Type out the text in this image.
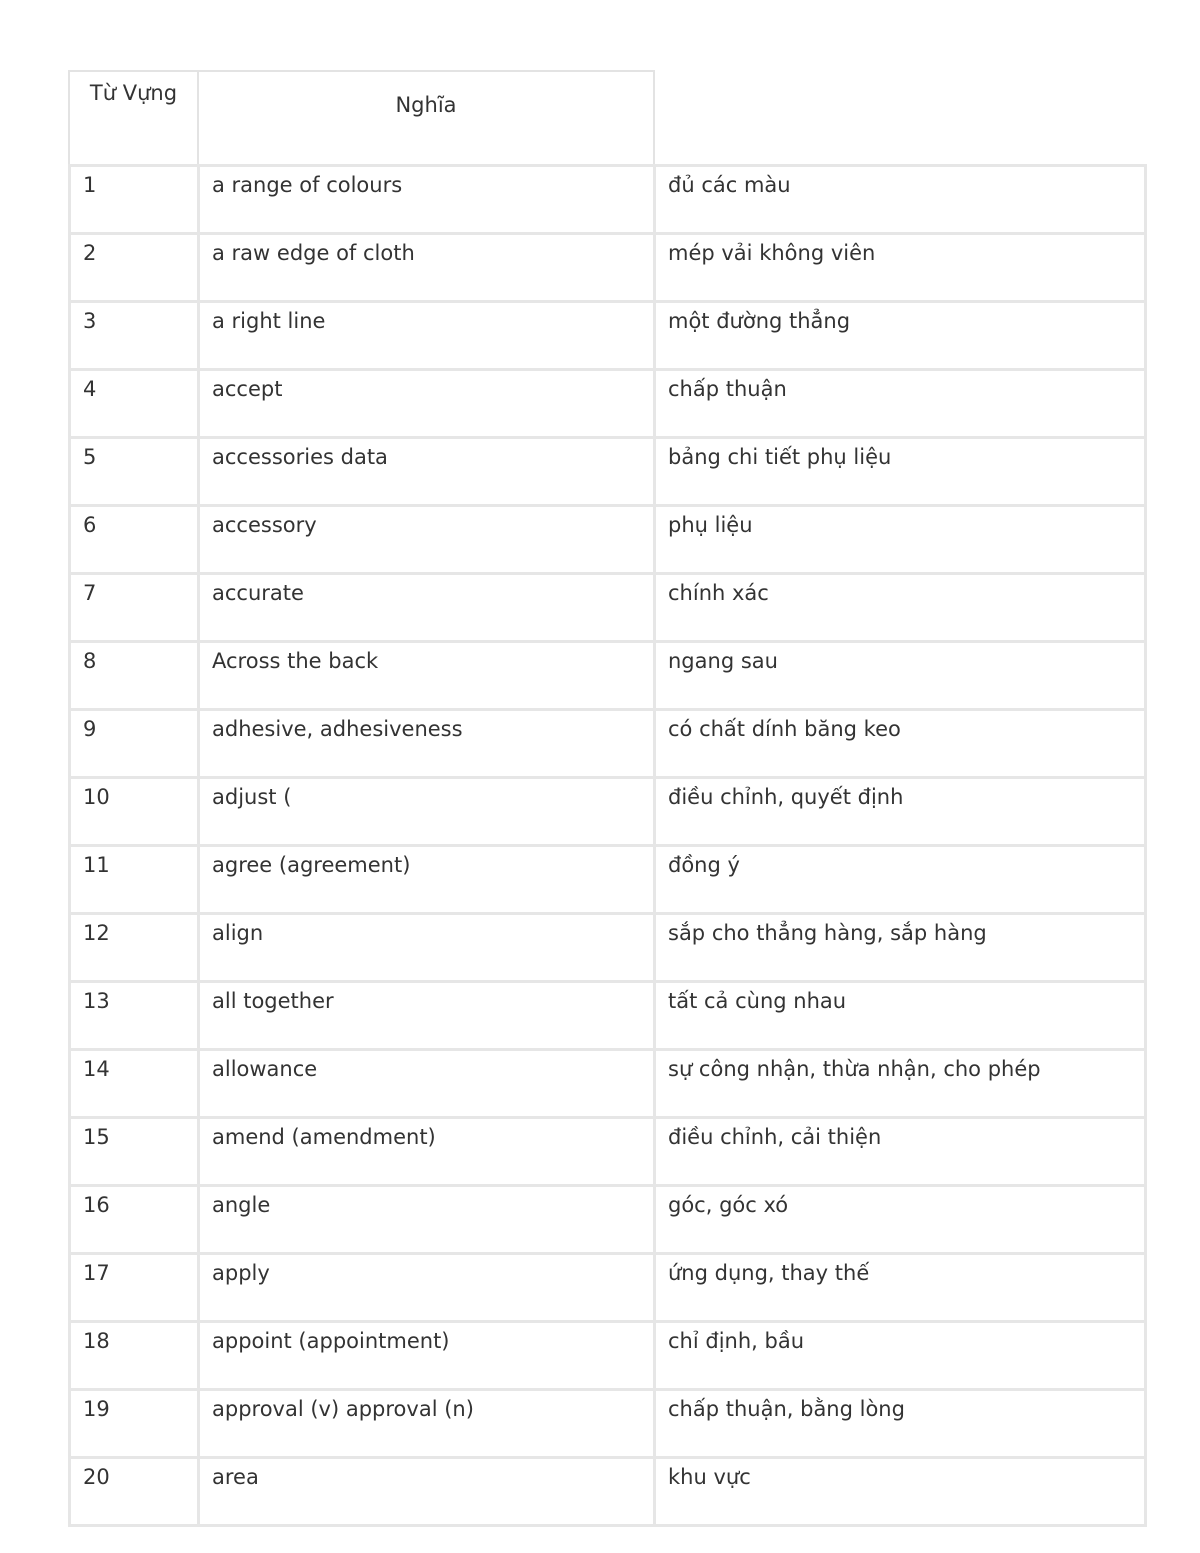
Từ Vựng	Nghĩa
1	a range of colours	đủ các màu
2	a raw edge of cloth	mép vải không viên
3	a right line	một đường thẳng
4	accept	chấp thuận
5	accessories data	bảng chi tiết phụ liệu
6	accessory	phụ liệu
7	accurate	chính xác
8	Across the back	ngang sau
9	adhesive, adhesiveness	có chất dính băng keo
10	adjust (	điều chỉnh, quyết định
11	agree (agreement)	đồng ý
12	align	sắp cho thẳng hàng, sắp hàng
13	all together	tất cả cùng nhau
14	allowance	sự công nhận, thừa nhận, cho phép
15	amend (amendment)	điều chỉnh, cải thiện
16	angle	góc, góc xó
17	apply	ứng dụng, thay thế
18	appoint (appointment)	chỉ định, bầu
19	approval (v) approval (n)	chấp thuận, bằng lòng
20	area	khu vực
